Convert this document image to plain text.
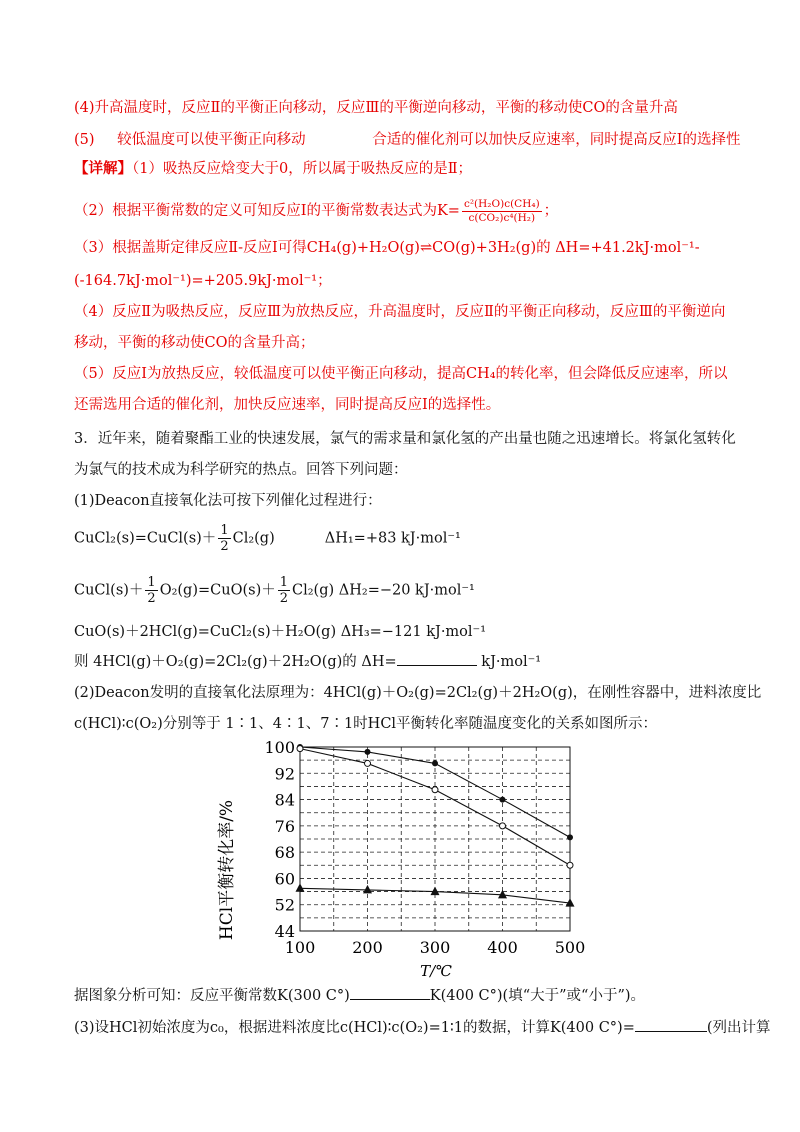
(4)升高温度时，反应Ⅱ的平衡正向移动，反应Ⅲ的平衡逆向移动，平衡的移动使CO的含量升高
(5) 较低温度可以使平衡正向移动	合适的催化剂可以加快反应速率，同时提高反应Ⅰ的选择性
【详解】（1）吸热反应焓变大于0，所以属于吸热反应的是Ⅱ；
（2）根据平衡常数的定义可知反应Ⅰ的平衡常数表达式为$K= \frac{\text{c²(H₂O)c(CH₄)}}{\text{c(CO₂)c⁴(H₂)}}$ ；
（3）根据盖斯定律反应Ⅱ-反应Ⅰ可得CH₄(g)+H₂O(g)⇌CO(g)+3H₂(g)的 ΔH=+41.2kJ·mol⁻¹-
(-164.7kJ·mol⁻¹)=+205.9kJ·mol⁻¹；
（4）反应Ⅱ为吸热反应，反应Ⅲ为放热反应，升高温度时，反应Ⅱ的平衡正向移动，反应Ⅲ的平衡逆向
移动，平衡的移动使CO的含量升高；
（5）反应Ⅰ为放热反应，较低温度可以使平衡正向移动，提高CH₄的转化率，但会降低反应速率，所以
还需选用合适的催化剂，加快反应速率，同时提高反应Ⅰ的选择性。
3．近年来，随着聚酯工业的快速发展，氯气的需求量和氯化氢的产出量也随之迅速增长。将氯化氢转化
为氯气的技术成为科学研究的热点。回答下列问题：
(1)Deacon直接氧化法可按下列催化过程进行：
CuCl₂(s)=CuCl(s)＋ $\frac{1}{2} Cl_2(g)$	ΔH₁=+83 kJ·mol⁻¹
CuCl(s)＋ $\frac{1}{2} O_2(g)=CuO(s)+ \frac{1}{2} Cl_2(g)$ ΔH₂=−20 kJ·mol⁻¹
CuO(s)＋2HCl(g)=CuCl₂(s)＋H₂O(g) ΔH₃=−121 kJ·mol⁻¹
则 4HCl(g)＋O₂(g)=2Cl₂(g)＋2H₂O(g)的 ΔH=	kJ·mol⁻¹
(2)Deacon发明的直接氧化法原理为：4HCl(g)＋O₂(g)=2Cl₂(g)＋2H₂O(g)，在刚性容器中，进料浓度比
c(HCl)∶c(O₂)分别等于 1∶1、4∶1、7∶1时HCl平衡转化率随温度变化的关系如图所示：
100 200 300 400 500
100
92
84
76
68
60
52
44
HCl平衡转化率/%
T/℃
据图象分析可知：反应平衡常数K(300 C°)	K(400 C°)(填“大于”或“小于”)。
(3)设HCl初始浓度为c₀，根据进料浓度比c(HCl)∶c(O₂)=1∶1的数据，计算K(400 C°)=	(列出计算
